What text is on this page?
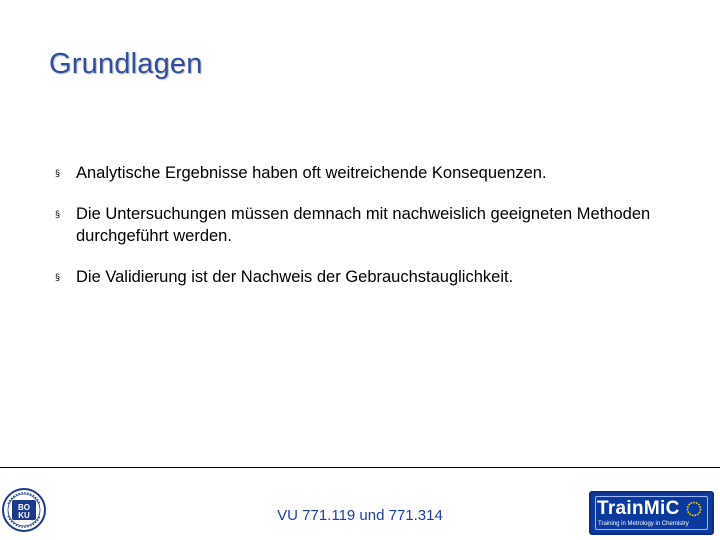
Grundlagen
§ Analytische Ergebnisse haben oft weitreichende Konsequenzen.
§ Die Untersuchungen müssen demnach mit nachweislich geeigneten Methoden durchgeführt werden.
§ Die Validierung ist der Nachweis der Gebrauchstauglichkeit.
BO
KU	VU 771.119 und 771.314	TrainMiC
Training in Metrology in Chemistry
